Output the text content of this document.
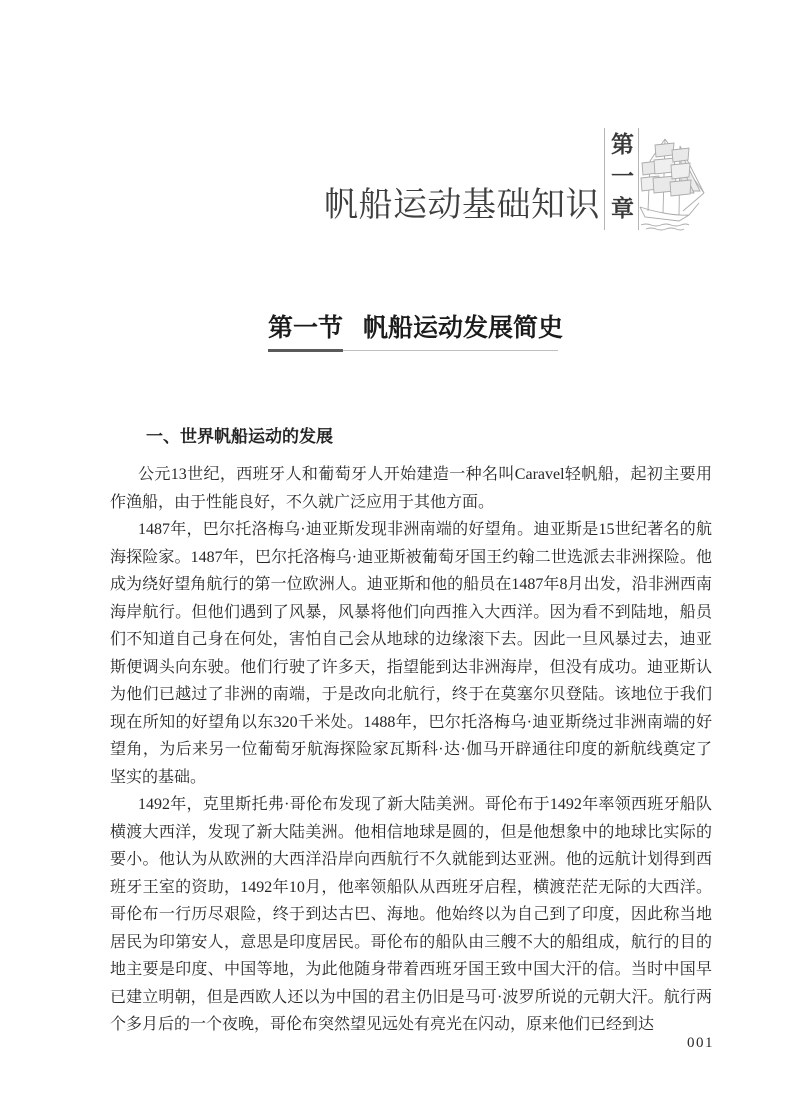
帆船运动基础知识 第一章
第一节 帆船运动发展简史
一、世界帆船运动的发展

公元13世纪，西班牙人和葡萄牙人开始建造一种名叫Caravel轻帆船，起初主要用作渔船，由于性能良好，不久就广泛应用于其他方面。

1487年，巴尔托洛梅乌·迪亚斯发现非洲南端的好望角。迪亚斯是15世纪著名的航海探险家。1487年，巴尔托洛梅乌·迪亚斯被葡萄牙国王约翰二世选派去非洲探险。他成为绕好望角航行的第一位欧洲人。迪亚斯和他的船员在1487年8月出发，沿非洲西南海岸航行。但他们遇到了风暴，风暴将他们向西推入大西洋。因为看不到陆地，船员们不知道自己身在何处，害怕自己会从地球的边缘滚下去。因此一旦风暴过去，迪亚斯便调头向东驶。他们行驶了许多天，指望能到达非洲海岸，但没有成功。迪亚斯认为他们已越过了非洲的南端，于是改向北航行，终于在莫塞尔贝登陆。该地位于我们现在所知的好望角以东320千米处。1488年，巴尔托洛梅乌·迪亚斯绕过非洲南端的好望角，为后来另一位葡萄牙航海探险家瓦斯科·达·伽马开辟通往印度的新航线奠定了坚实的基础。

1492年，克里斯托弗·哥伦布发现了新大陆美洲。哥伦布于1492年率领西班牙船队横渡大西洋，发现了新大陆美洲。他相信地球是圆的，但是他想象中的地球比实际的要小。他认为从欧洲的大西洋沿岸向西航行不久就能到达亚洲。他的远航计划得到西班牙王室的资助，1492年10月，他率领船队从西班牙启程，横渡茫茫无际的大西洋。哥伦布一行历尽艰险，终于到达古巴、海地。他始终以为自己到了印度，因此称当地居民为印第安人，意思是印度居民。哥伦布的船队由三艘不大的船组成，航行的目的地主要是印度、中国等地，为此他随身带着西班牙国王致中国大汗的信。当时中国早已建立明朝，但是西欧人还以为中国的君主仍旧是马可·波罗所说的元朝大汗。航行两个多月后的一个夜晚，哥伦布突然望见远处有亮光在闪动，原来他们已经到达

001
